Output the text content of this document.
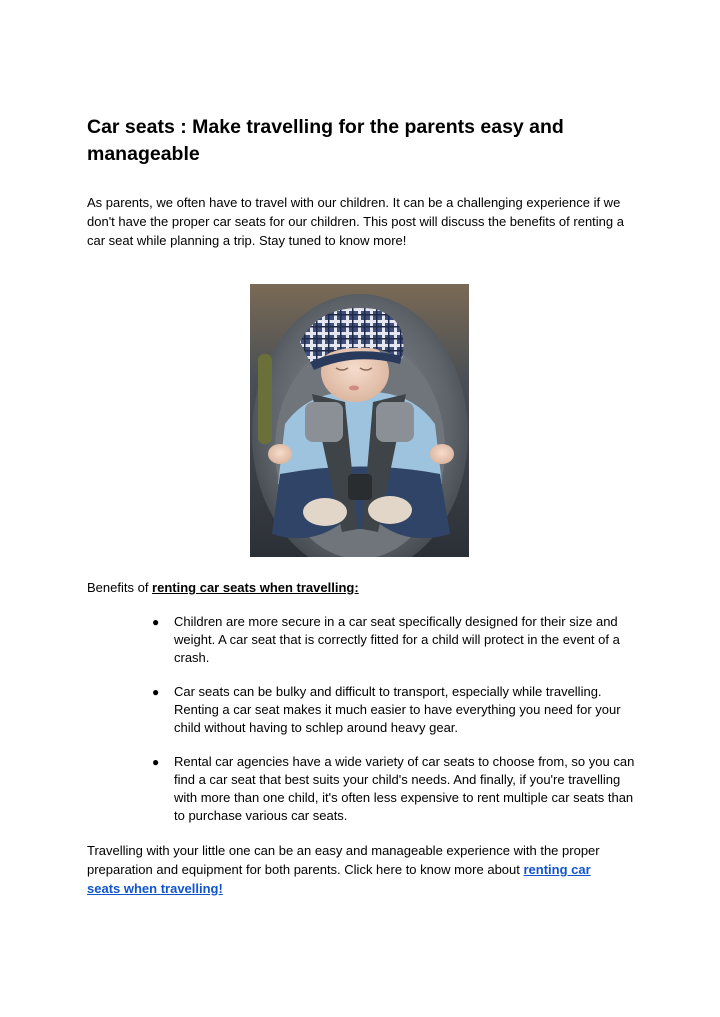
Car seats : Make travelling for the parents easy and manageable

As parents, we often have to travel with our children. It can be a challenging experience if we don't have the proper car seats for our children. This post will discuss the benefits of renting a car seat while planning a trip. Stay tuned to know more!

Benefits of renting car seats when travelling:

● Children are more secure in a car seat specifically designed for their size and weight. A car seat that is correctly fitted for a child will protect in the event of a crash.
● Car seats can be bulky and difficult to transport, especially while travelling. Renting a car seat makes it much easier to have everything you need for your child without having to schlep around heavy gear.
● Rental car agencies have a wide variety of car seats to choose from, so you can find a car seat that best suits your child's needs. And finally, if you're travelling with more than one child, it's often less expensive to rent multiple car seats than to purchase various car seats.

Travelling with your little one can be an easy and manageable experience with the proper preparation and equipment for both parents. Click here to know more about renting car seats when travelling!
